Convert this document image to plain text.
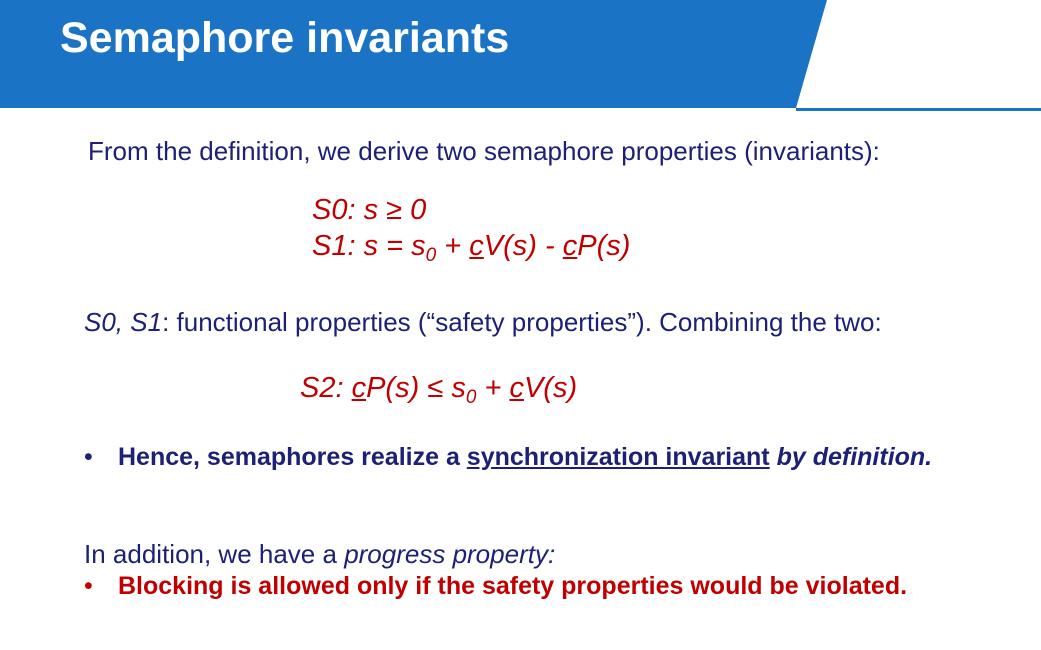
Semaphore invariants

From the definition, we derive two semaphore properties (invariants):

S0: s ≥ 0

S1: $s = s_0 + cV(s) - cP(s)$

S0, S1: functional properties (“safety properties”). Combining the two:

S2: $cP(s) \le s_0 + cV(s)$

• Hence, semaphores realize a synchronization invariant by definition.

In addition, we have a progress property:

• Blocking is allowed only if the safety properties would be violated.
